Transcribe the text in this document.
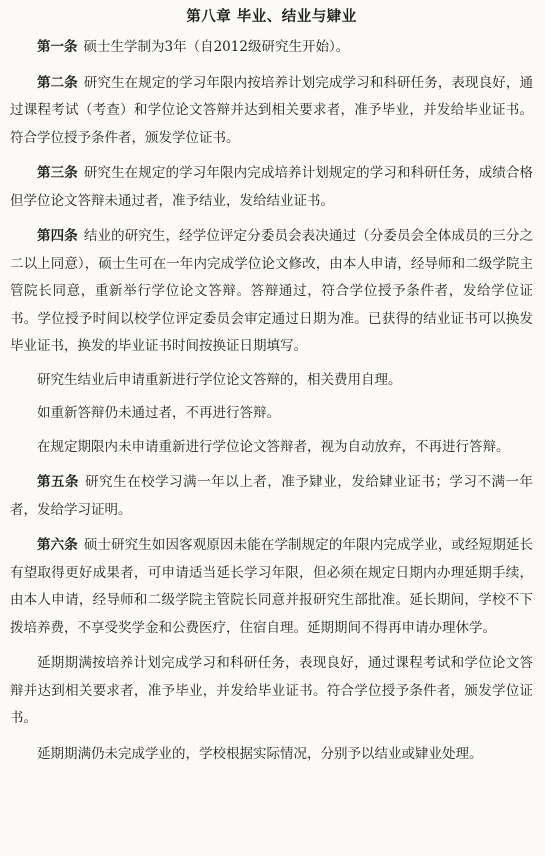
第八章 毕业、结业与肄业

第一条 硕士生学制为3年（自2012级研究生开始）。

第二条 研究生在规定的学习年限内按培养计划完成学习和科研任务，表现良好，通过课程考试（考查）和学位论文答辩并达到相关要求者，准予毕业，并发给毕业证书。符合学位授予条件者，颁发学位证书。

第三条 研究生在规定的学习年限内完成培养计划规定的学习和科研任务，成绩合格但学位论文答辩未通过者，准予结业，发给结业证书。

第四条 结业的研究生，经学位评定分委员会表决通过（分委员会全体成员的三分之二以上同意），硕士生可在一年内完成学位论文修改，由本人申请，经导师和二级学院主管院长同意，重新举行学位论文答辩。答辩通过，符合学位授予条件者，发给学位证书。学位授予时间以校学位评定委员会审定通过日期为准。已获得的结业证书可以换发毕业证书，换发的毕业证书时间按换证日期填写。

研究生结业后申请重新进行学位论文答辩的，相关费用自理。

如重新答辩仍未通过者，不再进行答辩。

在规定期限内未申请重新进行学位论文答辩者，视为自动放弃，不再进行答辩。

第五条 研究生在校学习满一年以上者，准予肄业，发给肄业证书；学习不满一年者，发给学习证明。

第六条 硕士研究生如因客观原因未能在学制规定的年限内完成学业，或经短期延长有望取得更好成果者，可申请适当延长学习年限，但必须在规定日期内办理延期手续，由本人申请，经导师和二级学院主管院长同意并报研究生部批准。延长期间，学校不下拨培养费，不享受奖学金和公费医疗，住宿自理。延期期间不得再申请办理休学。

延期期满按培养计划完成学习和科研任务，表现良好，通过课程考试和学位论文答辩并达到相关要求者，准予毕业，并发给毕业证书。符合学位授予条件者，颁发学位证书。

延期期满仍未完成学业的，学校根据实际情况，分别予以结业或肄业处理。
